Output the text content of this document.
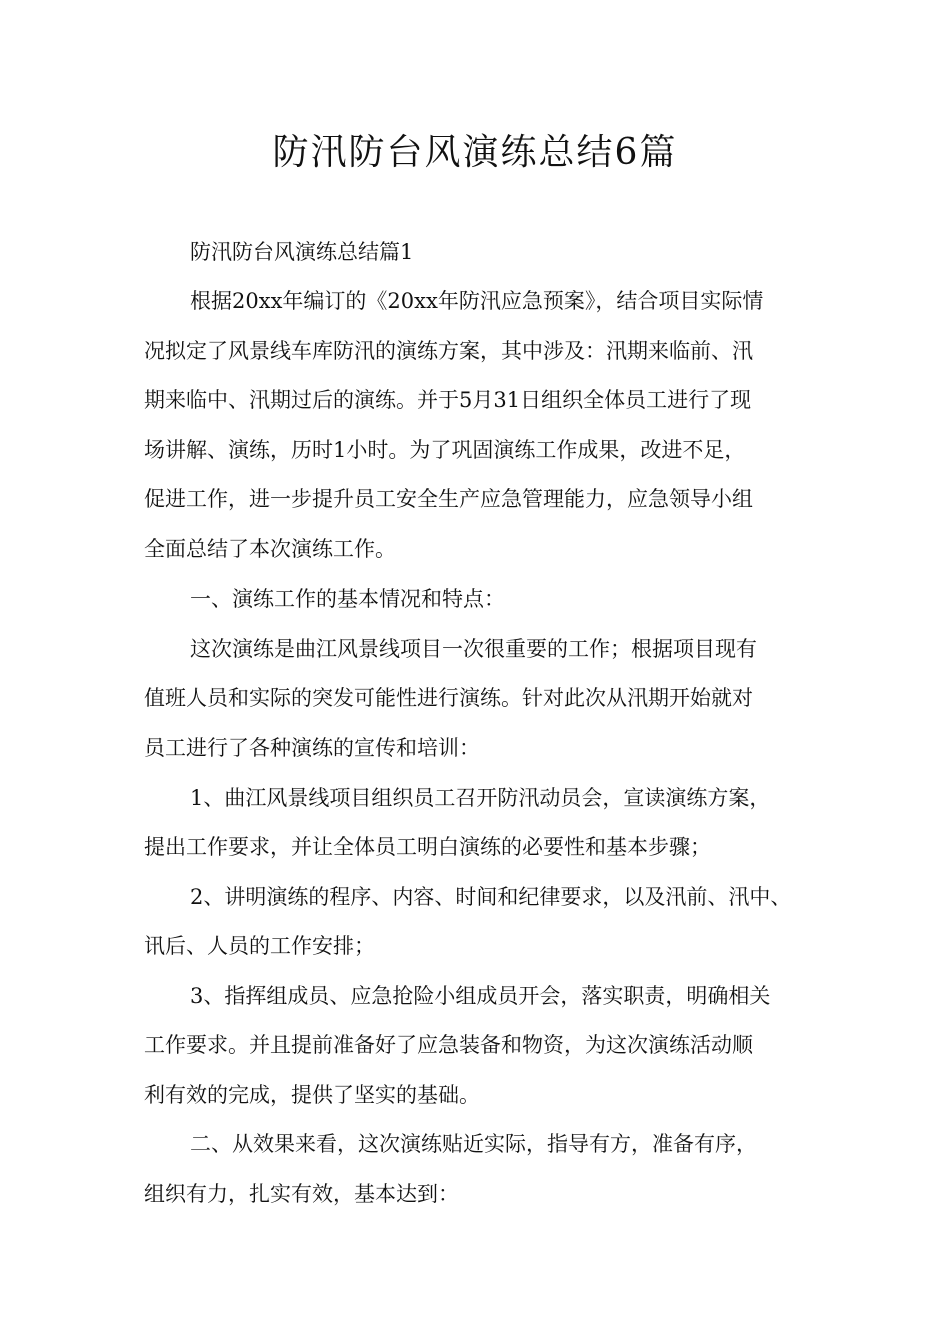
防汛防台风演练总结6篇

防汛防台风演练总结篇1

根据20xx年编订的《20xx年防汛应急预案》，结合项目实际情

况拟定了风景线车库防汛的演练方案，其中涉及：汛期来临前、汛

期来临中、汛期过后的演练。并于5月31日组织全体员工进行了现

场讲解、演练，历时1小时。为了巩固演练工作成果，改进不足，

促进工作，进一步提升员工安全生产应急管理能力，应急领导小组

全面总结了本次演练工作。

一、演练工作的基本情况和特点：

这次演练是曲江风景线项目一次很重要的工作；根据项目现有

值班人员和实际的突发可能性进行演练。针对此次从汛期开始就对

员工进行了各种演练的宣传和培训：

1、曲江风景线项目组织员工召开防汛动员会，宣读演练方案，

提出工作要求，并让全体员工明白演练的必要性和基本步骤；

2、讲明演练的程序、内容、时间和纪律要求，以及汛前、汛中、

讯后、人员的工作安排；

3、指挥组成员、应急抢险小组成员开会，落实职责，明确相关

工作要求。并且提前准备好了应急装备和物资，为这次演练活动顺

利有效的完成，提供了坚实的基础。

二、从效果来看，这次演练贴近实际，指导有方，准备有序，

组织有力，扎实有效，基本达到：
